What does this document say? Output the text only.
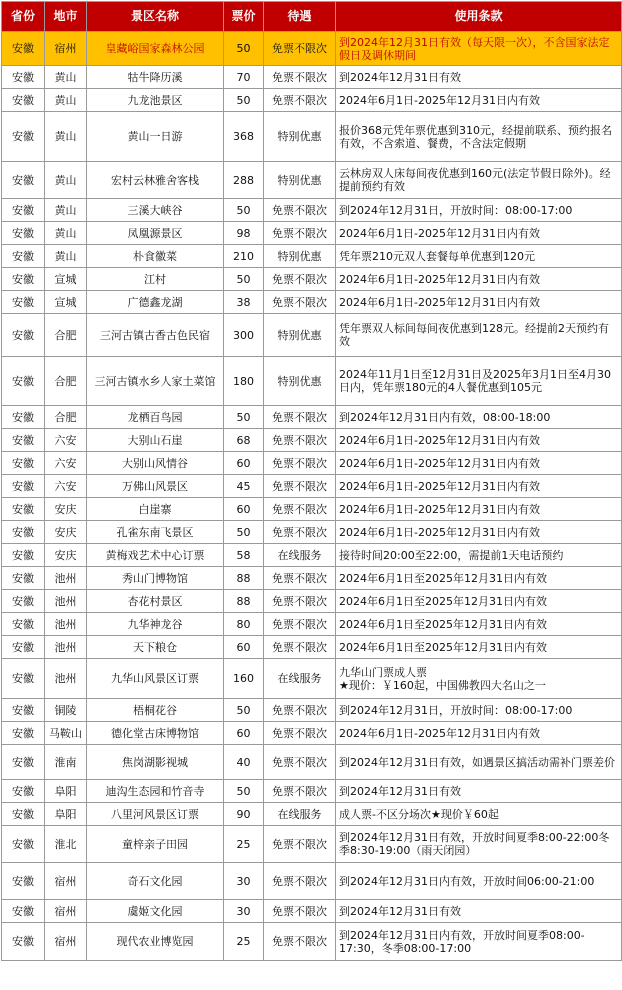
省份	地市	景区名称	票价	待遇	使用条款
安徽	宿州	皇藏峪国家森林公园	50	免票不限次	到2024年12月31日有效（每天限一次），不含国家法定假日及调休期间
安徽	黄山	牯牛降历溪	70	免票不限次	到2024年12月31日有效
安徽	黄山	九龙池景区	50	免票不限次	2024年6月1日-2025年12月31日内有效
安徽	黄山	黄山一日游	368	特别优惠	报价368元凭年票优惠到310元，经提前联系、预约报名有效，不含索道、餐费，不含法定假期
安徽	黄山	宏村云林雅舍客栈	288	特别优惠	云林房双人床每间夜优惠到160元(法定节假日除外)。经提前预约有效
安徽	黄山	三溪大峡谷	50	免票不限次	到2024年12月31日，开放时间：08:00-17:00
安徽	黄山	凤凰源景区	98	免票不限次	2024年6月1日-2025年12月31日内有效
安徽	黄山	朴食徽菜	210	特别优惠	凭年票210元双人套餐每单优惠到120元
安徽	宣城	江村	50	免票不限次	2024年6月1日-2025年12月31日内有效
安徽	宣城	广德鑫龙湖	38	免票不限次	2024年6月1日-2025年12月31日内有效
安徽	合肥	三河古镇古香古色民宿	300	特别优惠	凭年票双人标间每间夜优惠到128元。经提前2天预约有效
安徽	合肥	三河古镇水乡人家土菜馆	180	特别优惠	2024年11月1日至12月31日及2025年3月1日至4月30日内，凭年票180元的4人餐优惠到105元
安徽	合肥	龙栖百鸟园	50	免票不限次	到2024年12月31日内有效，08:00-18:00
安徽	六安	大别山石崖	68	免票不限次	2024年6月1日-2025年12月31日内有效
安徽	六安	大别山风情谷	60	免票不限次	2024年6月1日-2025年12月31日内有效
安徽	六安	万佛山风景区	45	免票不限次	2024年6月1日-2025年12月31日内有效
安徽	安庆	白崖寨	60	免票不限次	2024年6月1日-2025年12月31日内有效
安徽	安庆	孔雀东南飞景区	50	免票不限次	2024年6月1日-2025年12月31日内有效
安徽	安庆	黄梅戏艺术中心订票	58	在线服务	接待时间20:00至22:00，需提前1天电话预约
安徽	池州	秀山门博物馆	88	免票不限次	2024年6月1日至2025年12月31日内有效
安徽	池州	杏花村景区	88	免票不限次	2024年6月1日至2025年12月31日内有效
安徽	池州	九华神龙谷	80	免票不限次	2024年6月1日至2025年12月31日内有效
安徽	池州	天下粮仓	60	免票不限次	2024年6月1日至2025年12月31日内有效
安徽	池州	九华山风景区订票	160	在线服务	九华山门票成人票
★现价：￥160起，中国佛教四大名山之一
安徽	铜陵	梧桐花谷	50	免票不限次	到2024年12月31日，开放时间：08:00-17:00
安徽	马鞍山	德化堂古床博物馆	60	免票不限次	2024年6月1日-2025年12月31日内有效
安徽	淮南	焦岗湖影视城	40	免票不限次	到2024年12月31日有效，如遇景区搞活动需补门票差价
安徽	阜阳	迪沟生态园和竹音寺	50	免票不限次	到2024年12月31日有效
安徽	阜阳	八里河风景区订票	90	在线服务	成人票-不区分场次★现价￥60起
安徽	淮北	童梓亲子田园	25	免票不限次	到2024年12月31日有效，开放时间夏季8:00-22:00冬季8:30-19:00（雨天闭园）
安徽	宿州	奇石文化园	30	免票不限次	到2024年12月31日内有效，开放时间06:00-21:00
安徽	宿州	虞姬文化园	30	免票不限次	到2024年12月31日有效
安徽	宿州	现代农业博览园	25	免票不限次	到2024年12月31日内有效，开放时间夏季08:00-17:30，冬季08:00-17:00
